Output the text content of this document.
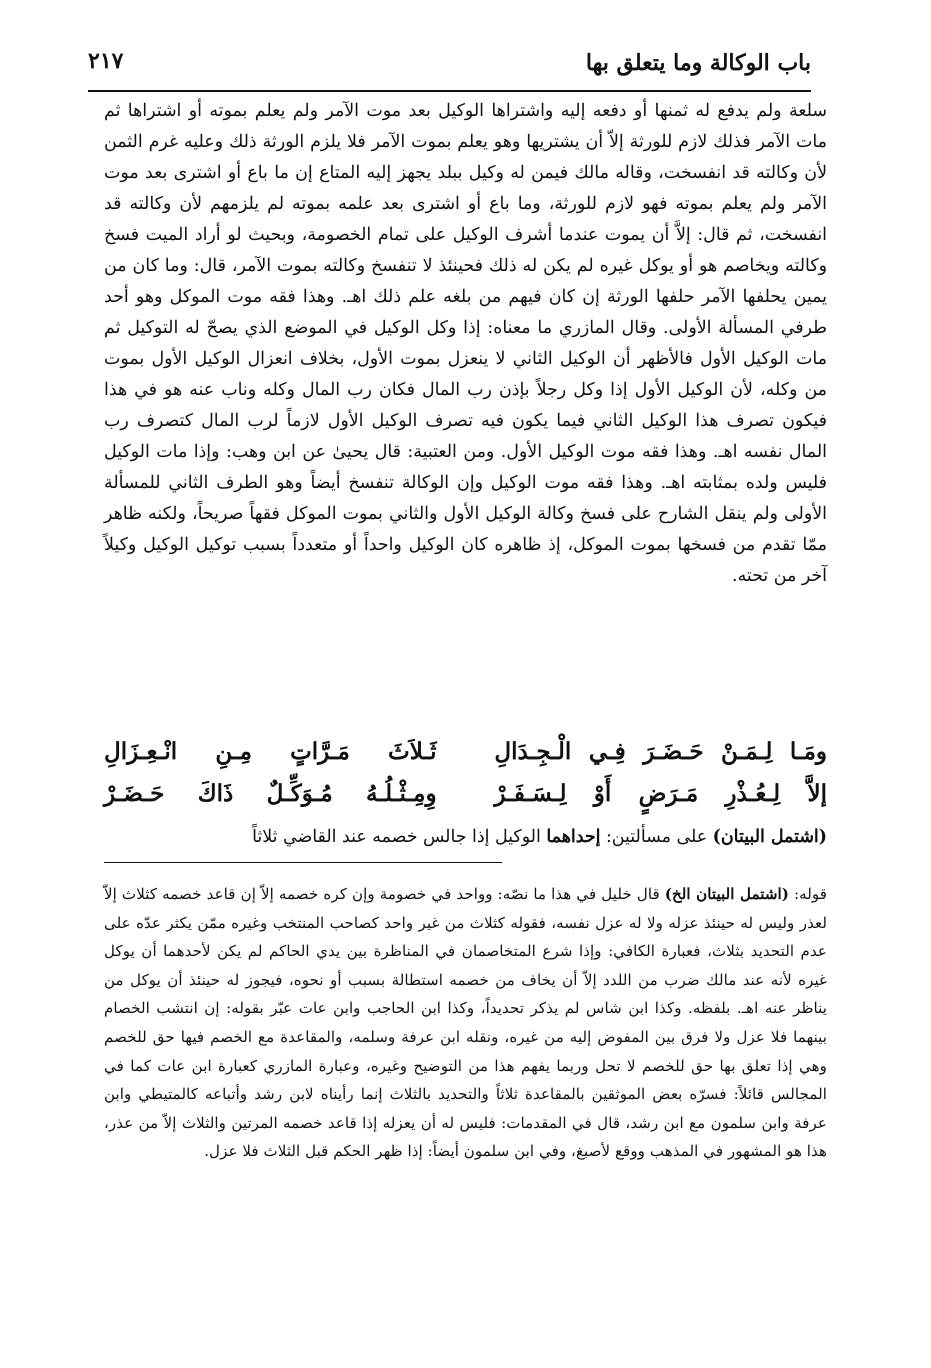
باب الوكالة وما يتعلق بها
٢١٧

سلعة ولم يدفع له ثمنها أو دفعه إليه واشتراها الوكيل بعد موت الآمر ولم يعلم بموته أو اشتراها ثم مات الآمر فذلك لازم للورثة إلاّ أن يشتريها وهو يعلم بموت الآمر فلا يلزم الورثة ذلك وعليه غرم الثمن لأن وكالته قد انفسخت، وقاله مالك فيمن له وكيل ببلد يجهز إليه المتاع إن ما باع أو اشترى بعد موت الآمر ولم يعلم بموته فهو لازم للورثة، وما باع أو اشترى بعد علمه بموته لم يلزمهم لأن وكالته قد انفسخت، ثم قال: إلاَّ أن يموت عندما أشرف الوكيل على تمام الخصومة، وبحيث لو أراد الميت فسخ وكالته ويخاصم هو أو يوكل غيره لم يكن له ذلك فحينئذ لا تنفسخ وكالته بموت الآمر، قال: وما كان من يمين يحلفها الآمر حلفها الورثة إن كان فيهم من بلغه علم ذلك اهـ. وهذا فقه موت الموكل وهو أحد طرفي المسألة الأولى. وقال المازري ما معناه: إذا وكل الوكيل في الموضع الذي يصحّ له التوكيل ثم مات الوكيل الأول فالأظهر أن الوكيل الثاني لا ينعزل بموت الأول، بخلاف انعزال الوكيل الأول بموت من وكله، لأن الوكيل الأول إذا وكل رجلاً بإذن رب المال فكان رب المال وكله وناب عنه هو في هذا فيكون تصرف هذا الوكيل الثاني فيما يكون فيه تصرف الوكيل الأول لازماً لرب المال كتصرف رب المال نفسه اهـ. وهذا فقه موت الوكيل الأول. ومن العتبية: قال يحيىٰ عن ابن وهب: وإذا مات الوكيل فليس ولده بمثابته اهـ. وهذا فقه موت الوكيل وإن الوكالة تنفسخ أيضاً وهو الطرف الثاني للمسألة الأولى ولم ينقل الشارح على فسخ وكالة الوكيل الأول والثاني بموت الموكل فقهاً صريحاً، ولكنه ظاهر ممّا تقدم من فسخها بموت الموكل، إذ ظاهره كان الوكيل واحداً أو متعدداً بسبب توكيل الوكيل وكيلاً آخر من تحته.

ومَـا لِـمَـنْ حَـضَـرَ فِـي الْـجِـدَالِ
ثَـلاَثَ مَـرَّاتٍ مِـنِ انْـعِـزَالِ
إلاَّ لِـعُـذْرِ مَـرَضٍ أَوْ لِـسَـفَـرْ
وِمِـثْـلُـهُ مُـوَكِّـلٌ ذَاكَ حَـضَـرْ
(اشتمل البيتان) على مسألتين: إحداهما الوكيل إذا جالس خصمه عند القاضي ثلاثاً

قوله: (اشتمل البيتان الخ) قال خليل في هذا ما نصّه: وواحد في خصومة وإن كره خصمه إلاّ إن قاعد خصمه كثلاث إلاّ لعذر وليس له حينئذ عزله ولا له عزل نفسه، فقوله كثلاث من غير واحد كصاحب المنتخب وغيره ممّن يكثر عدّه على عدم التحديد بثلاث، فعبارة الكافي: وإذا شرع المتخاصمان في المناظرة بين يدي الحاكم لم يكن لأحدهما أن يوكل غيره لأنه عند مالك ضرب من اللدد إلاّ أن يخاف من خصمه استطالة بسبب أو نحوه، فيجوز له حينئذ أن يوكل من يناظر عنه اهـ. بلفظه. وكذا ابن شاس لم يذكر تحديداً، وكذا ابن الحاجب وابن عات عبّر بقوله: إن انتشب الخصام بينهما فلا عزل ولا فرق بين المفوض إليه من غيره، ونقله ابن عرفة وسلمه، والمقاعدة مع الخصم فيها حق للخصم وهي إذا تعلق بها حق للخصم لا تحل وربما يفهم هذا من التوضيح وغيره، وعبارة المازري كعبارة ابن عات كما في المجالس قائلاً: فسرّه بعض الموثقين بالمقاعدة ثلاثاً والتحديد بالثلاث إنما رأيناه لابن رشد وأتباعه كالمتيطي وابن عرفة وابن سلمون مع ابن رشد، قال في المقدمات: فليس له أن يعزله إذا قاعد خصمه المرتين والثلاث إلاّ من عذر، هذا هو المشهور في المذهب ووقع لأصبغ، وفي ابن سلمون أيضاً: إذا ظهر الحكم قبل الثلاث فلا عزل.
